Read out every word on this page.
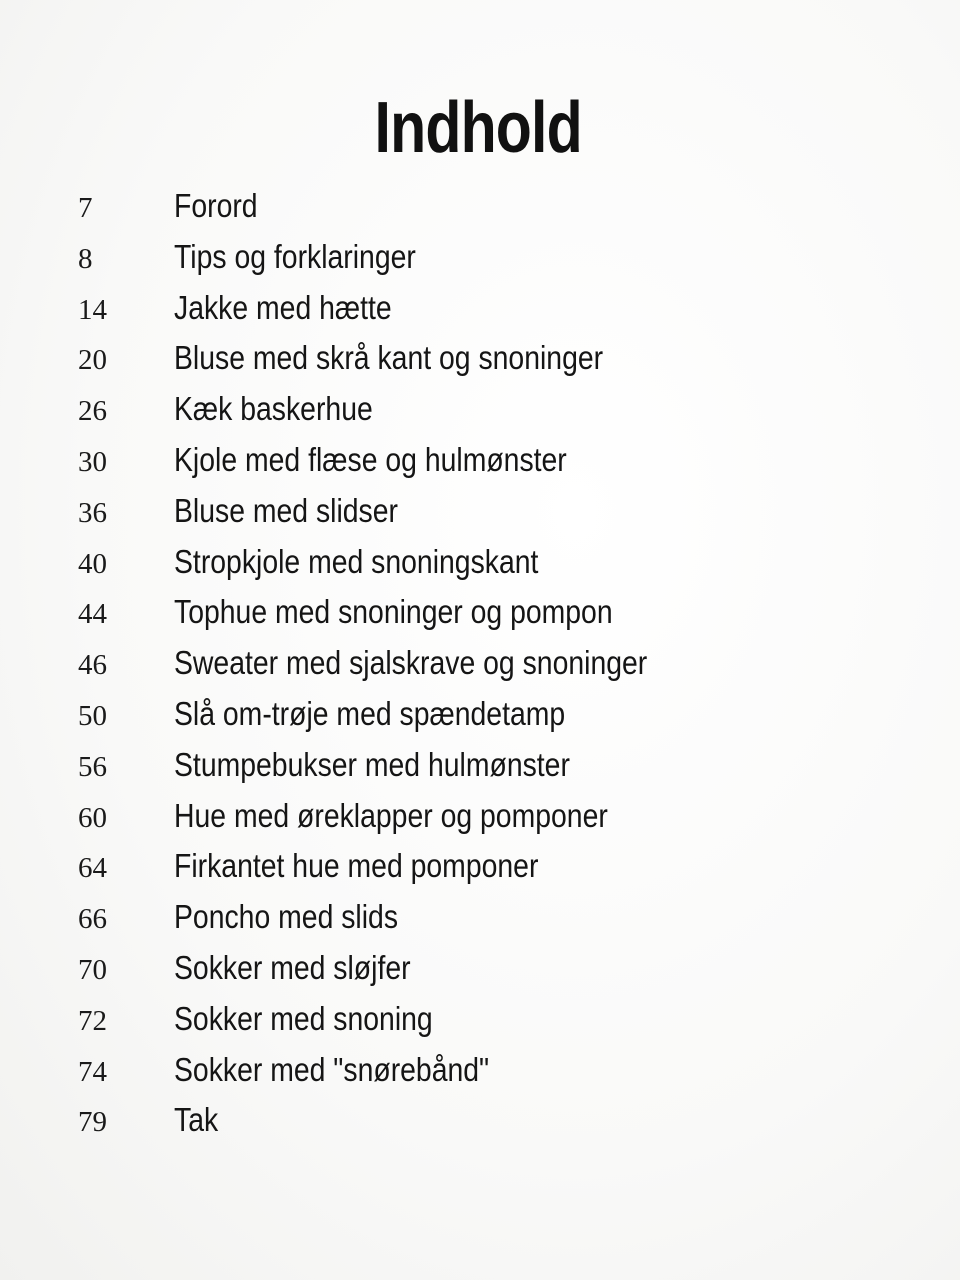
Indhold
7	Forord
8	Tips og forklaringer
14	Jakke med hætte
20	Bluse med skrå kant og snoninger
26	Kæk baskerhue
30	Kjole med flæse og hulmønster
36	Bluse med slidser
40	Stropkjole med snoningskant
44	Tophue med snoninger og pompon
46	Sweater med sjalskrave og snoninger
50	Slå om-trøje med spændetamp
56	Stumpebukser med hulmønster
60	Hue med øreklapper og pomponer
64	Firkantet hue med pomponer
66	Poncho med slids
70	Sokker med sløjfer
72	Sokker med snoning
74	Sokker med "snørebånd"
79	Tak
